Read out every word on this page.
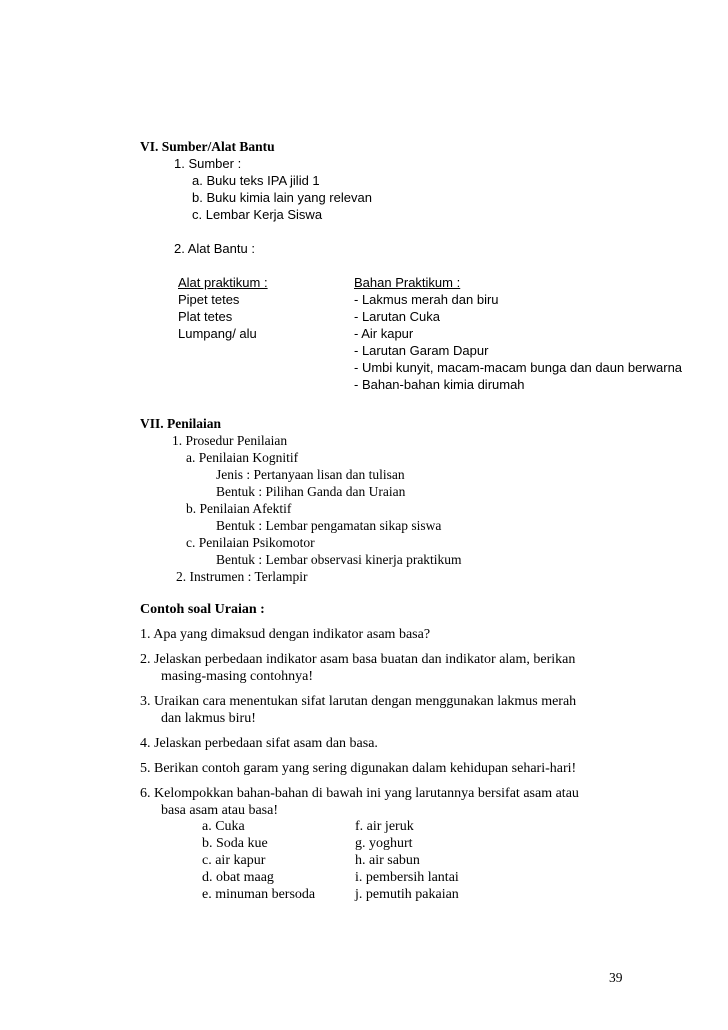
VI. Sumber/Alat Bantu
1. Sumber :
a. Buku teks IPA jilid 1
b. Buku kimia lain yang relevan
c. Lembar Kerja Siswa
2. Alat Bantu :
Alat praktikum :
Pipet tetes
Plat tetes
Lumpang/ alu
Bahan Praktikum :
- Lakmus merah dan biru
- Larutan Cuka
- Air kapur
- Larutan Garam Dapur
- Umbi kunyit, macam-macam bunga dan daun berwarna
- Bahan-bahan kimia dirumah
VII. Penilaian
1. Prosedur Penilaian
a. Penilaian Kognitif
Jenis : Pertanyaan lisan dan tulisan
Bentuk : Pilihan Ganda dan Uraian
b. Penilaian Afektif
Bentuk : Lembar pengamatan sikap siswa
c. Penilaian Psikomotor
Bentuk : Lembar observasi kinerja praktikum
2. Instrumen : Terlampir
Contoh soal Uraian :
1. Apa yang dimaksud dengan indikator asam basa?
2. Jelaskan perbedaan indikator asam basa buatan dan indikator alam, berikan
masing-masing contohnya!
3. Uraikan cara menentukan sifat larutan dengan menggunakan lakmus merah
dan lakmus biru!
4. Jelaskan perbedaan sifat asam dan basa.
5. Berikan contoh garam yang sering digunakan dalam kehidupan sehari-hari!
6. Kelompokkan bahan-bahan di bawah ini yang larutannya bersifat asam atau
basa asam atau basa!
a. Cuka
b. Soda kue
c. air kapur
d. obat maag
e. minuman bersoda
f. air jeruk
g. yoghurt
h. air sabun
i. pembersih lantai
j. pemutih pakaian
39
